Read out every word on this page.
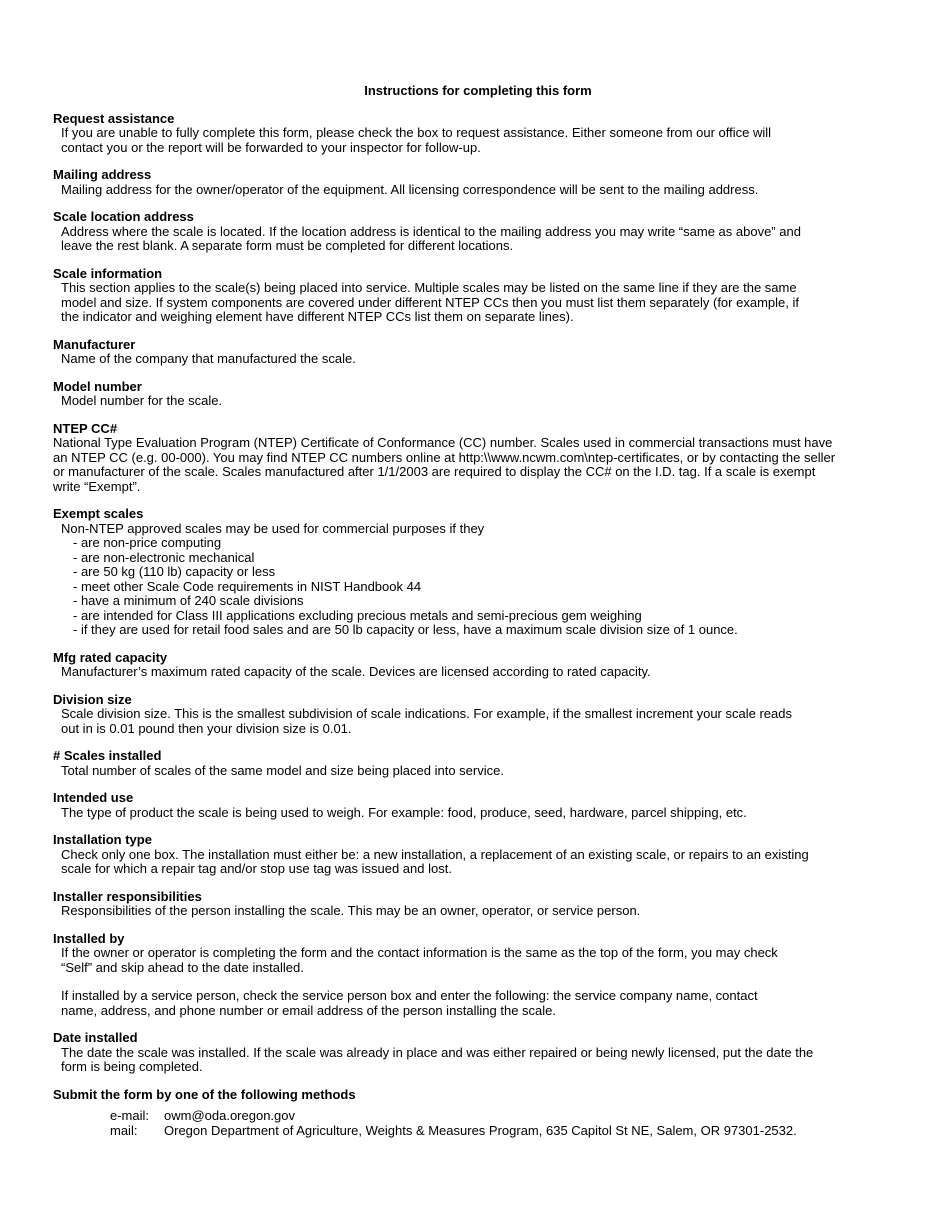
Instructions for completing this form
Request assistance
If you are unable to fully complete this form, please check the box to request assistance. Either someone from our office will
contact you or the report will be forwarded to your inspector for follow-up.
Mailing address
Mailing address for the owner/operator of the equipment. All licensing correspondence will be sent to the mailing address.
Scale location address
Address where the scale is located. If the location address is identical to the mailing address you may write “same as above” and
leave the rest blank. A separate form must be completed for different locations.
Scale information
This section applies to the scale(s) being placed into service. Multiple scales may be listed on the same line if they are the same
model and size. If system components are covered under different NTEP CCs then you must list them separately (for example, if
the indicator and weighing element have different NTEP CCs list them on separate lines).
Manufacturer
Name of the company that manufactured the scale.
Model number
Model number for the scale.
NTEP CC#
National Type Evaluation Program (NTEP) Certificate of Conformance (CC) number. Scales used in commercial transactions must have
an NTEP CC (e.g. 00-000). You may find NTEP CC numbers online at http:\\www.ncwm.com\ntep-certificates, or by contacting the seller
or manufacturer of the scale. Scales manufactured after 1/1/2003 are required to display the CC# on the I.D. tag. If a scale is exempt
write “Exempt”.
Exempt scales
Non-NTEP approved scales may be used for commercial purposes if they
- are non-price computing
- are non-electronic mechanical
- are 50 kg (110 lb) capacity or less
- meet other Scale Code requirements in NIST Handbook 44
- have a minimum of 240 scale divisions
- are intended for Class III applications excluding precious metals and semi-precious gem weighing
- if they are used for retail food sales and are 50 lb capacity or less, have a maximum scale division size of 1 ounce.
Mfg rated capacity
Manufacturer’s maximum rated capacity of the scale. Devices are licensed according to rated capacity.
Division size
Scale division size. This is the smallest subdivision of scale indications. For example, if the smallest increment your scale reads
out in is 0.01 pound then your division size is 0.01.
# Scales installed
Total number of scales of the same model and size being placed into service.
Intended use
The type of product the scale is being used to weigh. For example: food, produce, seed, hardware, parcel shipping, etc.
Installation type
Check only one box. The installation must either be: a new installation, a replacement of an existing scale, or repairs to an existing
scale for which a repair tag and/or stop use tag was issued and lost.
Installer responsibilities
Responsibilities of the person installing the scale. This may be an owner, operator, or service person.
Installed by
If the owner or operator is completing the form and the contact information is the same as the top of the form, you may check
“Self” and skip ahead to the date installed.
If installed by a service person, check the service person box and enter the following: the service company name, contact
name, address, and phone number or email address of the person installing the scale.
Date installed
The date the scale was installed. If the scale was already in place and was either repaired or being newly licensed, put the date the
form is being completed.
Submit the form by one of the following methods
e-mail:	owm@oda.oregon.gov
mail:	Oregon Department of Agriculture, Weights & Measures Program, 635 Capitol St NE, Salem, OR 97301-2532.
